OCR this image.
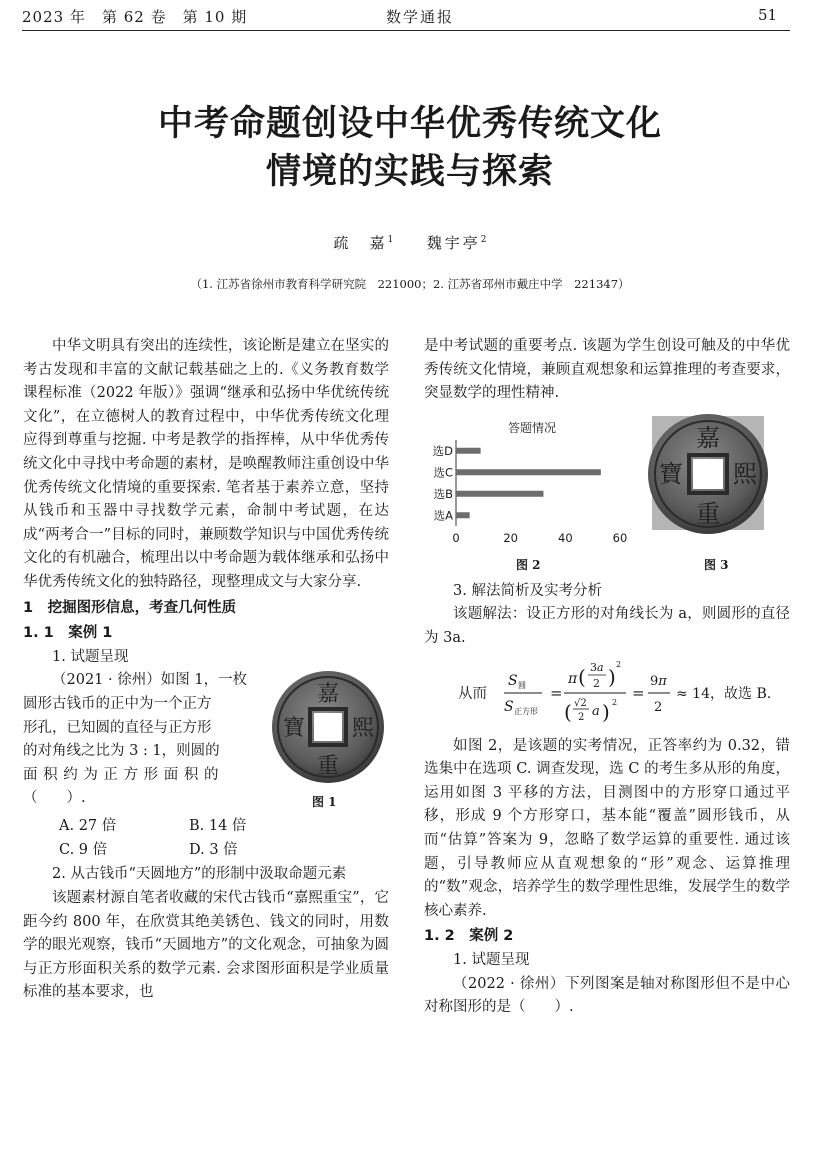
2023 年　第 62 卷　第 10 期	数学通报	51
中考命题创设中华优秀传统文化
情境的实践与探索
疏　嘉$^1$ 魏宇亭$^2$
（1. 江苏省徐州市教育科学研究院　221000；2. 江苏省邳州市戴庄中学　221347）

中华文明具有突出的连续性，该论断是建立在坚实的考古发现和丰富的文献记载基础之上的.《义务教育数学课程标准（2022 年版）》强调“继承和弘扬中华优统传统文化”，在立德树人的教育过程中，中华优秀传统文化理应得到尊重与挖掘. 中考是教学的指挥棒，从中华优秀传统文化中寻找中考命题的素材，是唤醒教师注重创设中华优秀传统文化情境的重要探索. 笔者基于素养立意，坚持从钱币和玉器中寻找数学元素，命制中考试题，在达成“两考合一”目标的同时，兼顾数学知识与中国优秀传统文化的有机融合，梳理出以中考命题为载体继承和弘扬中华优秀传统文化的独特路径，现整理成文与大家分享.

1　挖掘图形信息，考查几何性质
1. 1　案例 1
1. 试题呈现
（2021 · 徐州）如图 1，一枚
圆形古钱币的正中为一个正方
形孔，已知圆的直径与正方形
的对角线之比为 3 : 1，则圆的
面 积 约 为 正 方 形 面 积 的
（　　）.
嘉
重
寶 熙
图 1
A. 27 倍	B. 14 倍
C. 9 倍	D. 3 倍

2. 从古钱币“天圆地方”的形制中汲取命题元素

该题素材源自笔者收藏的宋代古钱币“嘉熙重宝”，它距今约 800 年，在欣赏其绝美锈色、钱文的同时，用数学的眼光观察，钱币“天圆地方”的文化观念，可抽象为圆与正方形面积关系的数学元素. 会求图形面积是学业质量标准的基本要求，也

是中考试题的重要考点. 该题为学生创设可触及的中华优秀传统文化情境，兼顾直观想象和运算推理的考查要求，突显数学的理性精神.

答题情况
选A
选B
选C
选D
0	20	40	60
图 2
嘉
重
寶 熙
图 3
3. 解法简析及实考分析

该题解法：设正方形的对角线长为 a，则圆形的直径为 3a.

从而
S 圆
S 正方形
=
π ( 3a
2 )
2
( √2
2 a ) 2
=
9π
2
≈ 14，故选 B.

如图 2，是该题的实考情况，正答率约为 0.32，错选集中在选项 C. 调查发现，选 C 的考生多从形的角度，运用如图 3 平移的方法，目测图中的方形穿口通过平移，形成 9 个方形穿口，基本能“覆盖”圆形钱币，从而“估算”答案为 9，忽略了数学运算的重要性. 通过该题，引导教师应从直观想象的“形”观念、运算推理的“数”观念，培养学生的数学理性思维，发展学生的数学核心素养.

1. 2　案例 2
1. 试题呈现

（2022 · 徐州）下列图案是轴对称图形但不是中心对称图形的是（　　）.
